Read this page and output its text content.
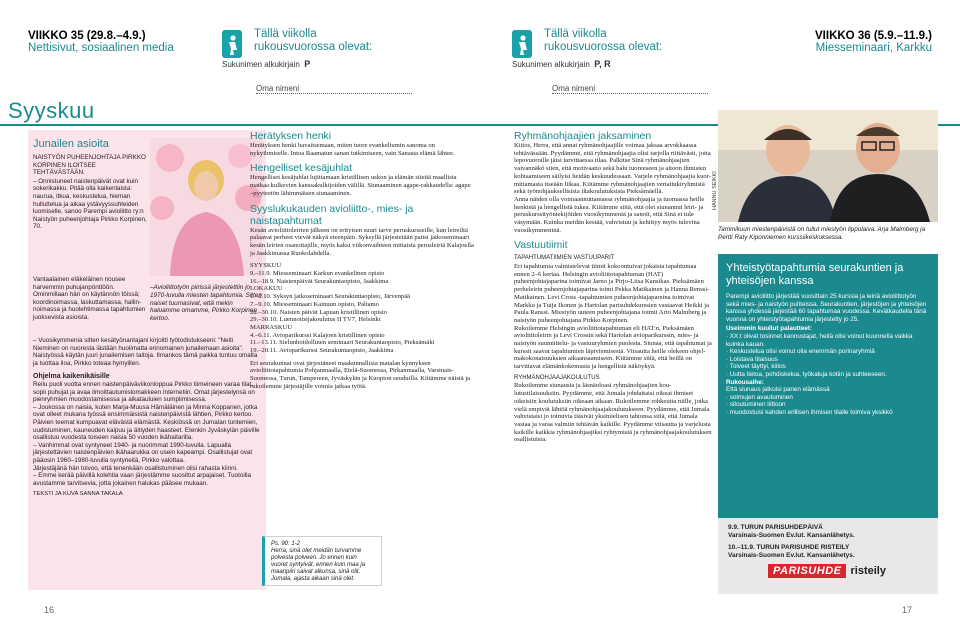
VIIKKO 35 (29.8.–4.9.)
Nettisivut, sosiaalinen media
Tällä viikolla
rukousvuorossa olevat:
Sukunimen alkukirjain P
Tällä viikolla
rukousvuorossa olevat:
Sukunimen alkukirjain P, R
VIIKKO 36 (5.9.–11.9.)
Miesseminaari, Karkku
Oma nimeni	Oma nimeni
Syyskuu
Junailen asioita
NAISTYÖN PUHEENJOHTAJA PIRKKO KORPINEN ILOITSEE TEHTÄVÄSTÄÄN.
– Onnistuneet naistenpäivät ovat kuin sokerikakku. Pitää olla kaikenlaista: naurua, itkua, keskustelua, hieman hulluttelua ja aikaa ystävyyssuhteiden luomiselle, sanoo Parempi avioliitto ry:n Naistyön puheenjohtaja Pirkko Korpinen, 70.
Vantaalainen eläkeläinen nousee harvemmin puhujanpönttöön. Ominmillaan hän on käytännön töissä; koordinoimassa, laskuttamassa, hallinnoimassa ja huolehtimassa tapahtumien juoksevista asioista.
–Avioliittotyön piirissä järjestettiin jo 1970-luvulla miesten tapahtumia. Sitten naiset tuumasivat, että mekin haluamme omamme, Pirkko Korpinen kertoo.
– Vuosikymmenia sitten kesätyönantajani kirjoitti työtodistukseeni: "Neiti Nieminen on nuoresta iästään huolimatta erinomainen junailemaan asioita". Naistyössä käytän juuri junailemisen taitoja. Ilmankos tämä paikka tuntuu omalta ja tuottaa iloa, Pirkko toteaa hymyillen.
Ohjelma kaikenikäisille
Reilu puoli vuotta ennen naistenpäiväviikonloppua Pirkko tiimeineen varaa tilat, sopii puhujat ja avaa ilmoittautumislomakkeen Internetiin. Omat järjestelynsä on pienryhmien muodostamisessa ja aikatauluien sumplimisessa.
– Joukossa on naisia, kuten Marja-Muusa Hämäläinen ja Minna Koppanen, jotka ovat olleet mukana työssä ensimmäisistä naistenpäivistä lähtien, Pirkko kertoo.
Päivien teemat kumpuavat elävästä elämästä. Keskiössä on Jumalan tuntemien, uudistuminen, kauneuden kaipuu ja äitiyden haasteet. Etenkin Jyväskylän päiville osallistuu vuodesta toiseen naisia 50 vuoden ikähaitarilla.
– Vanhimmat ovat syntyneet 1940- ja nuorimmat 1990-luvulla. Lapualla järjestettävien naistenpäivien ikähaarukka on usein kapeampi. Osallistujat ovat pääosin 1960–1980-luvulla syntyneitä, Pirkko valottaa.
Järjestäjänä hän toivoo, että tenenkään osallistuminen olisi rahasta kiinni.
– Emme kerää päivillä kolehtia vaan järjestämme suosittut arpajaiset. Tuotoilla avustamme tarvitsevia, jotta jokainen halukas pääsee mukaan.
TEKSTI JA KUVA SANNA TAKALA
Herätyksen henki
Herätyksen henki havaitsemaan, miten tuore evankeliumin sanoma on nykyihmiselle. Intoa Raamatun sanan tutkimiseen, vain Sanasta elämä lähtee.
Hengelliset kesäjuhlat
Hengelliset kesäjuhlat lujittamaan kristillisen uskon ja elämän siteitä maallista matkaa kulkevien kanssakulkijoiden välillä. Siunaaminen agape-rakkaudella: agape –pyyteetön lähimmäisen siunaaminen.
Syyslukukauden avioliitto-, mies- ja naistapahtumat
Kesän avioliittoleirien jälkeen on erityisen suuri tarve peruskursseille, kun leireiltä palaavat perheet vievät näkyä eteenpäin. Syksyllä järjestetään paitsi jatkoseminaari kesän leirien osanottajille, myös kaksi viikonvaihteen mittaista perusleiriä Kalajoella ja Jaakkimassa Ruokolahdella.
SYYSKUU
9.–11.9. Miesseminaari Karkun evankelinen opisto
16.–18.9. Naistenpäivät Seurakuntaopisto, Jaakkima
LOKAKUU
1.–2.10. Syksyn jatkoseminaari Seurakuntaopisto, Järvenpää
7.–9.10. Miesseminaari Kainuun opisto, Paltamo
28.–30.10. Naisten päivät Lapuan kristillinen opisto
29.–30.10. Luennoitsijakoulutus II TV7, Helsinki
MARRASKUU
4.–6.11. Avioparikurssi Kalajoen kristillinen opisto
11.–13.11. Sielunhoidollinen seminaari Seurakuntaopisto, Pieksämäki
19.–20.11. Avioparikurssi Seurakuntaopisto, Jaakkima
Eri seurakunnat ovat järjestäneet maakunnallisia matalan kynnyksen avioliittotapahtumia Pohjanmaalla, Etelä-Suomessa, Pirkanmaalla, Varsinais-Suomessa, Turun, Tampereen, Jyväskylän ja Kuopion seuduilla. Kiitämme näistä ja rukoilemme järjestäjille voimia jatkaa työtä.
Ps. 90: 1-2
Herra, sinä olet meidän turvamme polvesta polveen. Jo ennen kuin vuoret syntyivät, ennen kuin maa ja maanpiiri saivat alkunsa, sinä olit. Jumala, ajasta aikaan sinä olet.
Ryhmänohjaajien jaksaminen
Kiitos, Herra, että annat ryhmänohjaajille voimaa jaksaa arvokkaassa tehtävässään. Pyydämme, että ryhmänohjaajia olisi tarjolla riittävästi, jotta lepovuoroille jäisi tarvittaessa tilaa. Palkitse Sinä ryhmänohjaajien vaivannäkö siten, että motivaatio sekä halu tuoreeseen ja aitoon ihmisten kohtaamiseen säilyisi heidän keskuudessaan. Varjele ryhmänohjaajia kuormittamasta itseään liikaa. Kiitämme ryhmänohjaajien vertaitukiryhmistä sekä työnohjauksellisista iltakoulutuksista Pieksämäellä.
Anna näiden olla voimaannuttamassa ryhmänohjaajia ja tuomassa heille henkistä ja hengellistä tukea. Kiitämme siitä, että olet siunannut leiri- ja peruskurssityöntekijöiden vuosikymmeniä ja sanoit, että Sinä et tule väsymään. Kuinka meidän kestää, vahvistuu ja kehittyy myös tulevina vuosikymmeninä.
Vastuutiimit
TAPAHTUMATIIMIEN VASTUUPARIT
Eri tapahtumia valmistelevat tiimit kokoontuivat jokaista tapahtumaa ennen 2–6 kertaa. Helsingin avioliittotapahtuman (HAT) puheenjohtajaparina toimivat Jarno ja Pirjo-Liisa Kansikas. Pieksämäen perheleirin puheenjohtajaparina toimi Pekka Matikainen ja Hanna Renssi-Matikainen. Levi Cross -tapahtumien puheenjohtajapareina toimivat Markku ja Tuija Ikonen ja Hartolan parisuhdekurssien vastaavat Heikki ja Paula Ranssi. Miestyön uuteen puheenjohtajana toimii Arto Malmberg ja naistyön puheenjohtajana Pirkko Korpinen.
Rukoilemme Helsingin avioliittotapahtuman eli HAT:n, Pieksämäen avioliittoleirin ja Levi Crossin sekä Hartolan avioparikurssin, mies- ja naistyön suunnittelu- ja vastuuryhmien puolesta. Siunaa, että tapahtumat ja kurssit saavat tapahtumien läpiviemisestä. Viisautta heille olekeen ohjelmakokonaisuuksien aikaansaamiseen. Kiitämme siitä, että heillä on tarvittavat elämänkokemusta ja hengellistä näköykyä.
RYHMÄNOHJAAJAKOULUTUS
Rukoilemme siunausta ja läsnäoloasi ryhmänohjaajien koulutustilaisuuksiin. Pyydämme, että Jumala johdattaisi oikeat ihmiset oikeisiin koulutuksiin oikeaan aikaan. Rukoilemme rohkeutta niille, jotka vielä empivät lähtöä ryhmänohjaajakoulutukseen. Pyydämme, että Jumala vahvistaisi jo toimivia tiäsivät yksimielisen tahtonsa siitä, että Jumala vastaa ja varaa valmiin tehtävän kaikille. Pyydämme viisautta ja varjelusta kaikille kaikkia ryhmänohjaajiksi ryhtymistä ja ryhmänohjaajakoulutuksen osallistuista.
HANNU SEIKKI
Tammikuun miestenpäivistä on tullut miestyön lippulaiva. Arja Malmberg ja Pertti Raty Kiponniemen kurssiikeskuksessa.
Yhteistyötapahtumia seurakuntien ja yhteisöjen kanssa
Parempi avioliitto järjestää vuosittain 25 kurssia ja leiriä avioliittotyön sekä mies- ja naistyön puitteissa. Seurakuntien, järjestöjen ja yhteisöjen kanssa yhdessä järjestää 60 tapahtumaa vuodessa. Kevätkaudella tänä vuonna on yhteistyötapahtumia järjestetty jo 25.
Useimmin kuullut palautteet:
· XX:t olivat tosinnet kannustajat, heitä olisi voinut kuunnella vaikka kuinka kauan.
· Keskustelua olisi voinut olla enemmän porinaryhmiä
· Loistava tilaisuus
· Toiveet täyttyi, kiitos
· Uutta tietoa, pohdiskelua, työkaluja kotiin ja suhteeseen.
Rukousaihe:
Että siunaus jatkuisi parien elämässä
· solmujen avautuminen
· sitoutuminen liittoon
· muodostuisi kahden erillisen ihmisen tilalle toimiva yksikkö
9.9. TURUN PARISUHDEPÄIVÄ
Varsinais-Suomen Ev.lut. Kansanlähetys.
10.–11.9. TURUN PARISUHDE RISTEILY
Varsinais-Suomen Ev.lut. Kansanlähetys.
PARISUHDE risteily
16	17
